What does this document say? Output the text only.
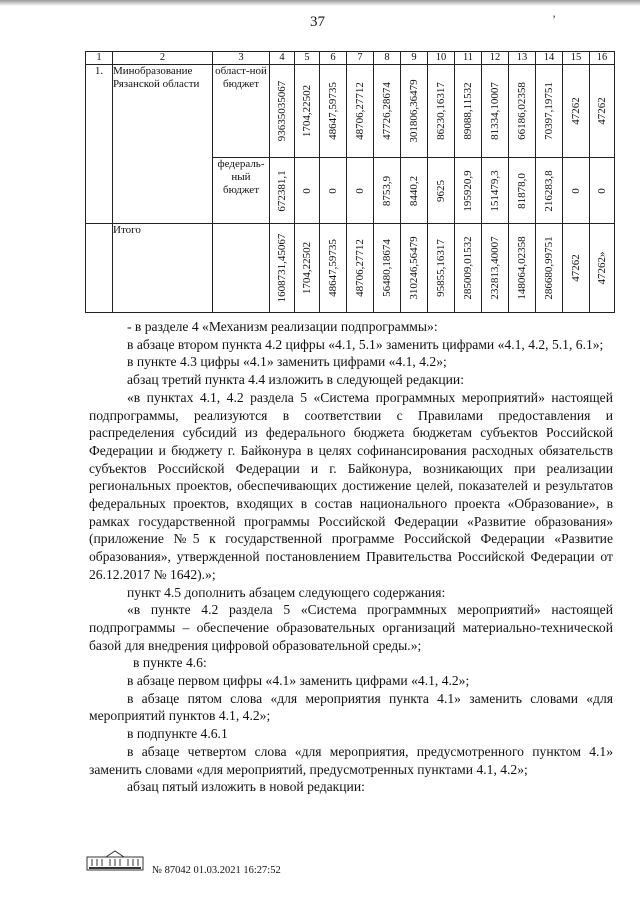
37	’
1	2	3	4	5	6	7	8	9	10	11	12	13	14	15	16
1.	Минобразование Рязанской области	област-ной бюджет	93635035067	1704,22502	48647,59735	48706,27712	47726,28674	301806,36479	86230,16317	89088,11532	81334,10007	66186,02358	70397,19751	47262	47262

		федераль-ный бюджет	672381,1	0	0	0	8753,9	8440,2	9625	195920,9	151479,3	81878,0	216283,8	0	0

	Итого		1608731,45067	1704,22502	48647,59735	48706,27712	56480,18674	310246,56479	95855,16317	285009,01532	232813,40007	148064,02358	286680,99751	47262	47262»

- в разделе 4 «Механизм реализации подпрограммы»:

в абзаце втором пункта 4.2 цифры «4.1, 5.1» заменить цифрами «4.1, 4.2, 5.1, 6.1»;

в пункте 4.3 цифры «4.1» заменить цифрами «4.1, 4.2»;

абзац третий пункта 4.4 изложить в следующей редакции:

«в пунктах 4.1, 4.2 раздела 5 «Система программных мероприятий» настоящей подпрограммы, реализуются в соответствии с Правилами предоставления и распределения субсидий из федерального бюджета бюджетам субъектов Российской Федерации и бюджету г. Байконура в целях софинансирования расходных обязательств субъектов Российской Федерации и г. Байконура, возникающих при реализации региональных проектов, обеспечивающих достижение целей, показателей и результатов федеральных проектов, входящих в состав национального проекта «Образование», в рамках государственной программы Российской Федерации «Развитие образования» (приложение №5 к государственной программе Российской Федерации «Развитие образования», утвержденной постановлением Правительства Российской Федерации от 26.12.2017 № 1642).»;

пункт 4.5 дополнить абзацем следующего содержания:

«в пункте 4.2 раздела 5 «Система программных мероприятий» настоящей подпрограммы – обеспечение образовательных организаций материально-технической базой для внедрения цифровой образовательной среды.»;

в пункте 4.6:

в абзаце первом цифры «4.1» заменить цифрами «4.1, 4.2»;

в абзаце пятом слова «для мероприятия пункта 4.1» заменить словами «для мероприятий пунктов 4.1, 4.2»;

в подпункте 4.6.1

в абзаце четвертом слова «для мероприятия, предусмотренного пунктом 4.1» заменить словами «для мероприятий, предусмотренных пунктами 4.1, 4.2»;

абзац пятый изложить в новой редакции:

№ 87042 01.03.2021 16:27:52
